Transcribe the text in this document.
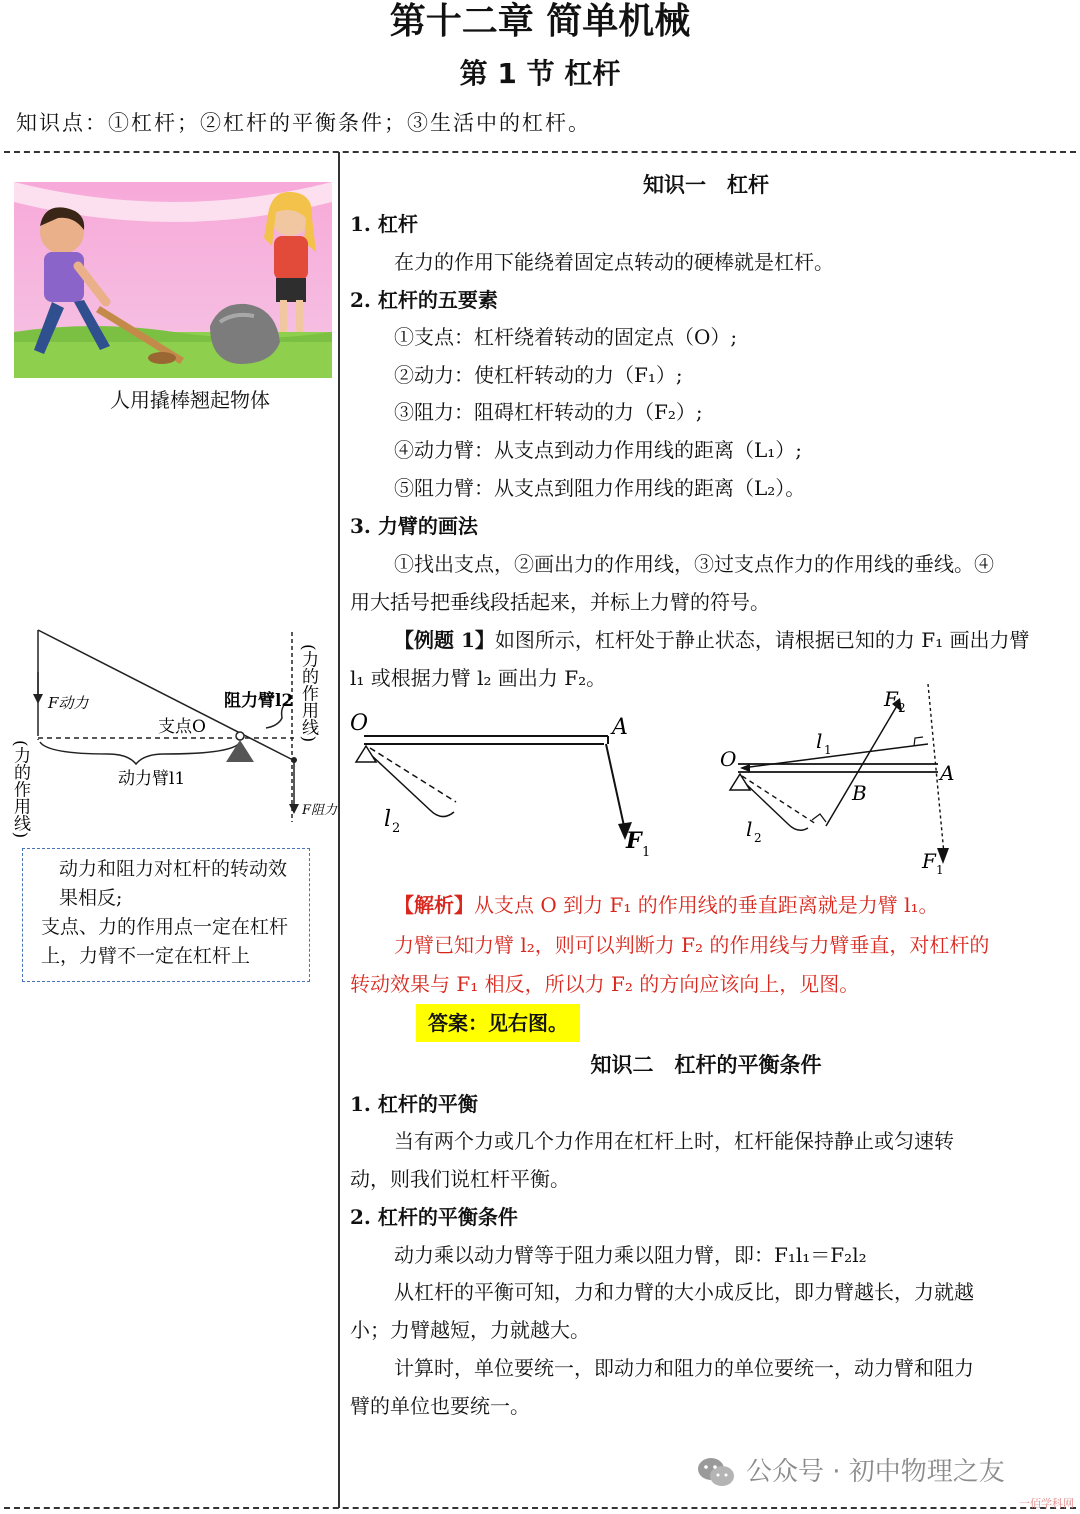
第十二章 简单机械
第 1 节 杠杆
知识点：①杠杆；②杠杆的平衡条件；③生活中的杠杆。
人用撬棒翘起物体
F动力
支点O
阻力臂l2
动力臂l1
F阻力
(力的作用线)
(力的作用线)
动力和阻力对杠杆的转动效果相反;
支点、力的作用点一定在杠杆上，力臂不一定在杠杆上
知识一　杠杆
1. 杠杆
在力的作用下能绕着固定点转动的硬棒就是杠杆。
2. 杠杆的五要素
①支点：杠杆绕着转动的固定点（O）;
②动力：使杠杆转动的力（F₁）;
③阻力：阻碍杠杆转动的力（F₂）;
④动力臂：从支点到动力作用线的距离（L₁）;
⑤阻力臂：从支点到阻力作用线的距离（L₂）。
3. 力臂的画法
①找出支点，②画出力的作用线，③过支点作力的作用线的垂线。④
用大括号把垂线段括起来，并标上力臂的符号。
【例题 1】如图所示，杠杆处于静止状态，请根据已知的力 F₁ 画出力臂
l₁ 或根据力臂 l₂ 画出力 F₂。
O	A
F 1
l 2
O
A
B
F 2
F 1
l 1
l 2
【解析】从支点 O 到力 F₁ 的作用线的垂直距离就是力臂 l₁。
力臂已知力臂 l₂，则可以判断力 F₂ 的作用线与力臂垂直，对杠杆的
转动效果与 F₁ 相反，所以力 F₂ 的方向应该向上，见图。
答案：见右图。
知识二　杠杆的平衡条件
1. 杠杆的平衡
当有两个力或几个力作用在杠杆上时，杠杆能保持静止或匀速转
动，则我们说杠杆平衡。
2. 杠杆的平衡条件
动力乘以动力臂等于阻力乘以阻力臂，即：F₁l₁＝F₂l₂
从杠杆的平衡可知，力和力臂的大小成反比，即力臂越长，力就越
小；力臂越短，力就越大。
计算时，单位要统一，即动力和阻力的单位要统一，动力臂和阻力
臂的单位也要统一。
公众号 · 初中物理之友
一佰学科网
